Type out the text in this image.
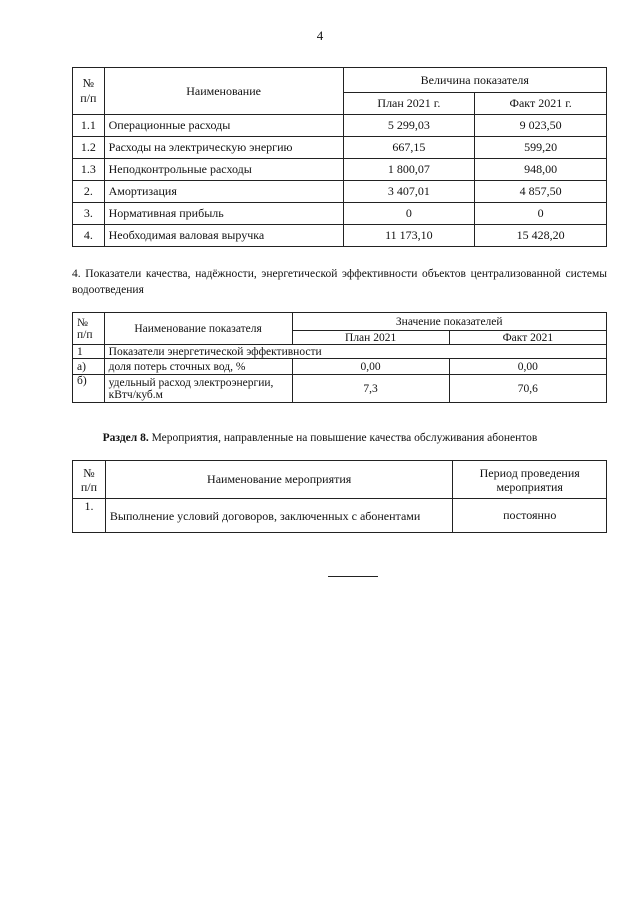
4
№
п/п	Наименование	Величина показателя	
		План 2021 г.	Факт 2021 г.
1.1	Операционные расходы	5 299,03	9 023,50
1.2	Расходы на электрическую энергию	667,15	599,20
1.3	Неподконтрольные расходы	1 800,07	948,00
2.	Амортизация	3 407,01	4 857,50
3.	Нормативная прибыль	0	0
4.	Необходимая валовая выручка	11 173,10	15 428,20
4. Показатели качества, надёжности, энергетической эффективности объектов централизованной системы водоотведения
№
п/п	Наименование показателя	Значение показателей	
		План 2021	Факт 2021
1	Показатели энергетической эффективности		
а)	доля потерь сточных вод, %	0,00	0,00
б)	удельный расход электроэнергии, кВтч/куб.м	7,3	70,6
Раздел 8. Мероприятия, направленные на повышение качества обслуживания абонентов
№
п/п	Наименование мероприятия	Период проведения мероприятия
1.	Выполнение условий договоров, заключенных с абонентами	постоянно
